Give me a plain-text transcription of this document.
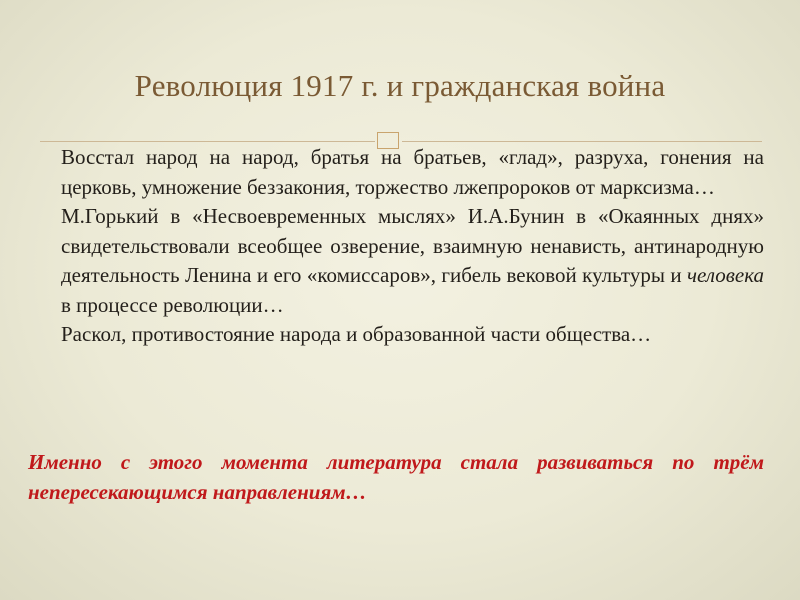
Революция 1917 г. и гражданская война
Восстал народ на народ, братья на братьев, «глад», разруха, гонения на церковь, умножение беззакония, торжество лжепророков от марксизма…
М.Горький в «Несвоевременных мыслях» И.А.Бунин в «Окаянных днях» свидетельствовали всеобщее озверение, взаимную ненависть, антинародную деятельность Ленина и его «комиссаров», гибель вековой культуры и человека в процессе революции…
Раскол, противостояние народа и образованной части общества…
Именно с этого момента литература стала развиваться по трём непересекающимся направлениям…
